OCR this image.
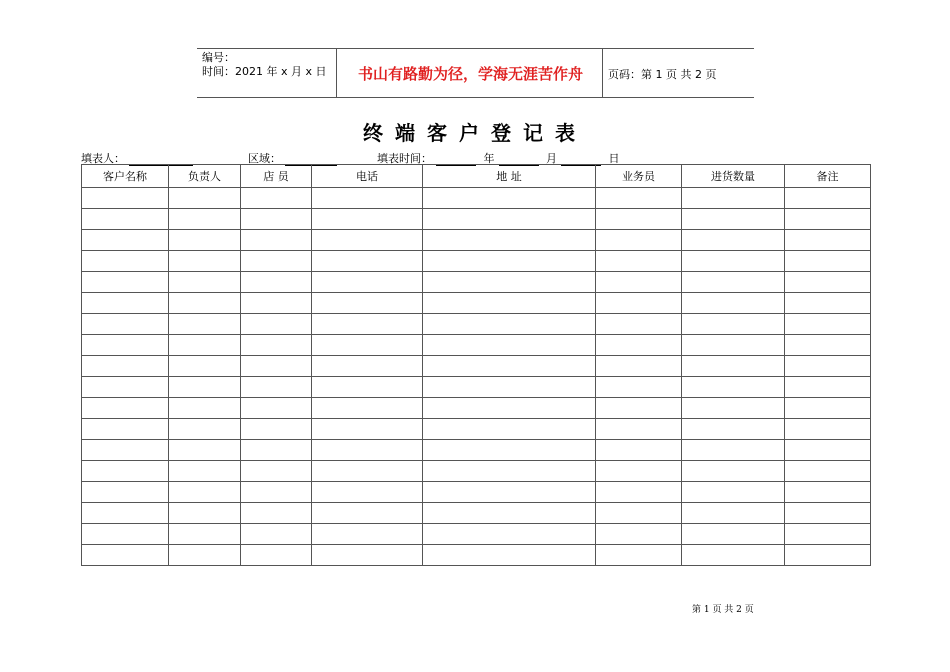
编号：
时间：2021 年 x 月 x 日	书山有路勤为径，学海无涯苦作舟	页码：第 1 页 共 2 页
终端客户登记表
填表人：	区域：	填表时间：	年	月	日
客户名称	负责人	店 员	电话	地 址	业务员	进货数量	备注

第 1 页 共 2 页
